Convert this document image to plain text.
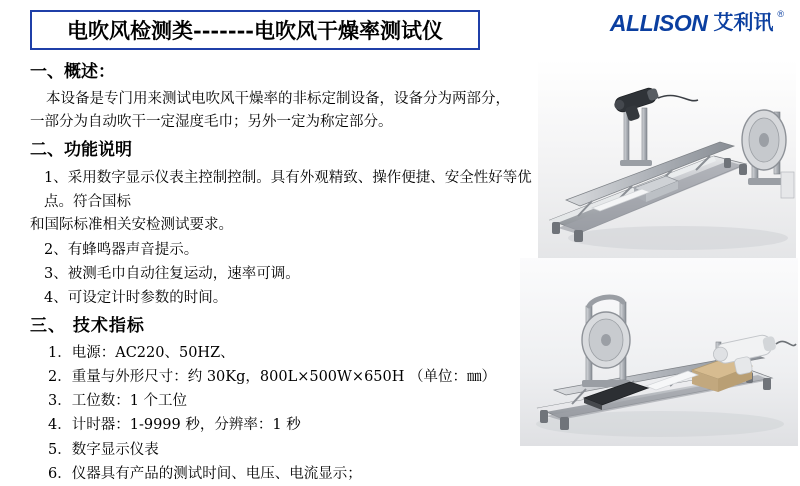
电吹风检测类-------电吹风干燥率测试仪	ALLISON 艾利讯 ®
一、概述：
本设备是专门用来测试电吹风干燥率的非标定制设备，设备分为两部分，
一部分为自动吹干一定湿度毛巾；另外一定为称定部分。
二、功能说明
1、采用数字显示仪表主控制控制。具有外观精致、操作便捷、安全性好等优点。符合国标
和国际标准相关安检测试要求。
2、有蜂鸣器声音提示。
3、被测毛巾自动往复运动，速率可调。
4、可设定计时参数的时间。
三、 技术指标
1．电源：AC220、50HZ、
2．重量与外形尺寸：约 30Kg，800L×500W×650H （单位：㎜）
3．工位数：1 个工位
4．计时器：1-9999 秒，分辨率：1 秒
5．数字显示仪表
6．仪器具有产品的测试时间、电压、电流显示；
